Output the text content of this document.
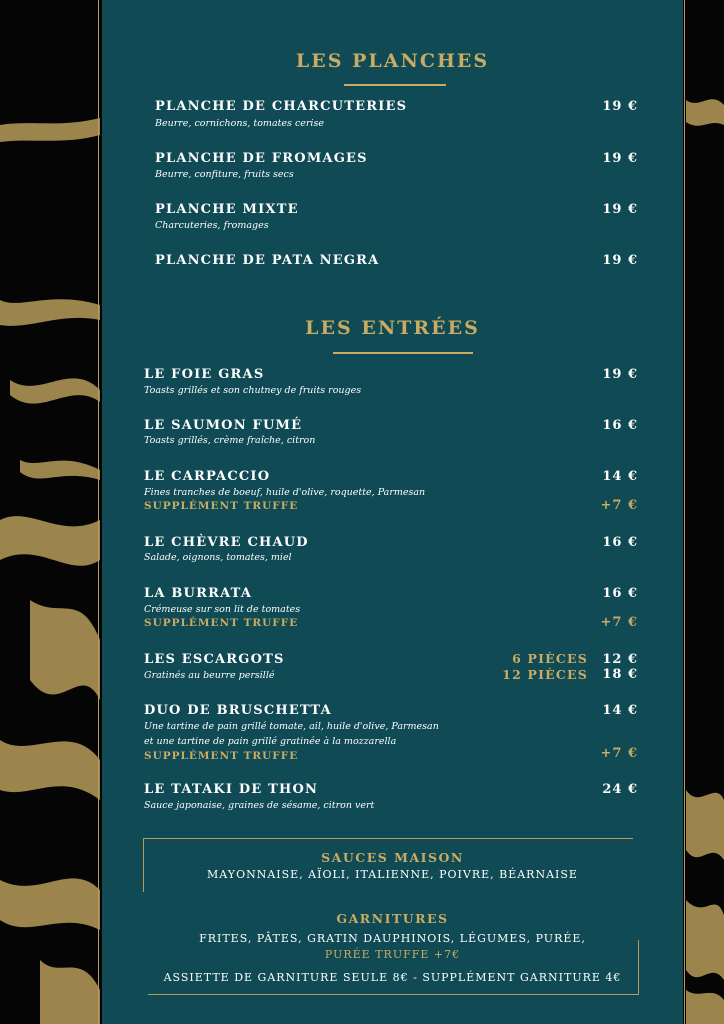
LES PLANCHES
PLANCHE DE CHARCUTERIES
Beurre, cornichons, tomates cerise
19 €
PLANCHE DE FROMAGES
Beurre, confiture, fruits secs
19 €
PLANCHE MIXTE
Charcuteries, fromages
19 €
PLANCHE DE PATA NEGRA	19 €
LES ENTRÉES
LE FOIE GRAS
Toasts grillés et son chutney de fruits rouges
19 €
LE SAUMON FUMÉ
Toasts grillés, crème fraîche, citron
16 €
LE CARPACCIO
Fines tranches de boeuf, huile d'olive, roquette, Parmesan
SUPPLÉMENT TRUFFE
14 €
+7 €
LE CHÈVRE CHAUD
Salade, oignons, tomates, miel
16 €
LA BURRATA
Crémeuse sur son lit de tomates
SUPPLÉMENT TRUFFE
16 €
+7 €
LES ESCARGOTS
Gratinés au beurre persillé
6 PIÈCES
12 PIÈCES
12 €
18 €
DUO DE BRUSCHETTA
Une tartine de pain grillé tomate, ail, huile d'olive, Parmesan
et une tartine de pain grillé gratinée à la mozzarella
SUPPLÉMENT TRUFFE
14 €
+7 €
LE TATAKI DE THON
Sauce japonaise, graines de sésame, citron vert
24 €
SAUCES MAISON
MAYONNAISE, AÏOLI, ITALIENNE, POIVRE, BÉARNAISE
GARNITURES
FRITES, PÂTES, GRATIN DAUPHINOIS, LÉGUMES, PURÉE,
PURÉE TRUFFE +7€
ASSIETTE DE GARNITURE SEULE 8€ - SUPPLÉMENT GARNITURE 4€
